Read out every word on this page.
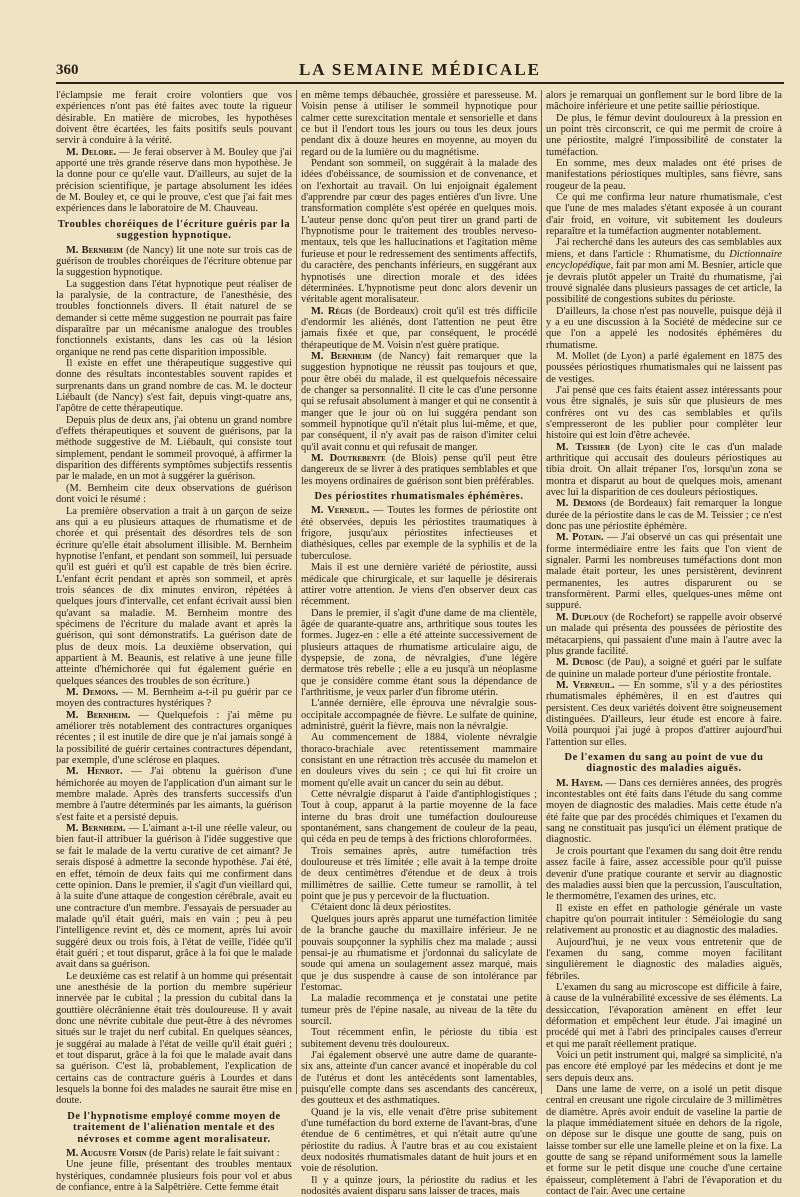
360	LA SEMAINE MÉDICALE

l'éclampsie me ferait croire volontiers que vos expériences n'ont pas été faites avec toute la rigueur désirable. En matière de microbes, les hypothèses doivent être écartées, les faits positifs seuls pouvant servir à conduire à la vérité.

M. Delore. — Je ferai observer à M. Bouley que j'ai apporté une très grande réserve dans mon hypothèse. Je la donne pour ce qu'elle vaut. D'ailleurs, au sujet de la précision scientifique, je partage absolument les idées de M. Bouley et, ce qui le prouve, c'est que j'ai fait mes expériences dans le laboratoire de M. Chauveau.

Troubles choréiques de l'écriture guéris par la suggestion hypnotique.

M. Bernheim (de Nancy) lit une note sur trois cas de guérison de troubles choréiques de l'écriture obtenue par la suggestion hypnotique.

La suggestion dans l'état hypnotique peut réaliser de la paralysie, de la contracture, de l'anesthésie, des troubles fonctionnels divers. Il était naturel de se demander si cette même suggestion ne pourrait pas faire disparaître par un mécanisme analogue des troubles fonctionnels existants, dans les cas où la lésion organique ne rend pas cette disparition impossible.

Il existe en effet une thérapeutique suggestive qui donne des résultats incontestables souvent rapides et surprenants dans un grand nombre de cas. M. le docteur Liébault (de Nancy) s'est fait, depuis vingt-quatre ans, l'apôtre de cette thérapeutique.

Depuis plus de deux ans, j'ai obtenu un grand nombre d'effets thérapeutiques et souvent de guérisons, par la méthode suggestive de M. Liébault, qui consiste tout simplement, pendant le sommeil provoqué, à affirmer la disparition des différents symptômes subjectifs ressentis par le malade, en un mot à suggérer la guérison.

(M. Bernheim cite deux observations de guérison dont voici le résumé :

La première observation a trait à un garçon de seize ans qui a eu plusieurs attaques de rhumatisme et de chorée et qui présentait des désordres tels de son écriture qu'elle était absolument illisible. M. Bernheim hypnotise l'enfant, et pendant son sommeil, lui persuade qu'il est guéri et qu'il est capable de très bien écrire. L'enfant écrit pendant et après son sommeil, et après trois séances de dix minutes environ, répétées à quelques jours d'intervalle, cet enfant écrivait aussi bien qu'avant sa maladie. M. Bernheim montre des spécimens de l'écriture du malade avant et après la guérison, qui sont démonstratifs. La guérison date de plus de deux mois. La deuxième observation, qui appartient à M. Beaunis, est relative à une jeune fille atteinte d'hémichorée qui fut également guérie en quelques séances des troubles de son écriture.)

M. Demons. — M. Bernheim a-t-il pu guérir par ce moyen des contractures hystériques ?

M. Bernheim. — Quelquefois : j'ai même pu améliorer très notablement des contractures organiques récentes ; il est inutile de dire que je n'ai jamais songé à la possibilité de guérir certaines contractures dépendant, par exemple, d'une sclérose en plaques.

M. Henrot. — J'ai obtenu la guérison d'une hémichorée au moyen de l'application d'un aimant sur le membre malade. Après des transferts successifs d'un membre à l'autre déterminés par les aimants, la guérison s'est faite et a persisté depuis.

M. Bernheim. — L'aimant a-t-il une réelle valeur, ou bien faut-il attribuer la guérison à l'idée suggestive que se fait le malade de la vertu curative de cet aimant? Je serais disposé à admettre la seconde hypothèse. J'ai été, en effet, témoin de deux faits qui me confirment dans cette opinion. Dans le premier, il s'agit d'un vieillard qui, à la suite d'une attaque de congestion cérébrale, avait eu une contracture d'un membre. J'essayais de persuader au malade qu'il était guéri, mais en vain ; peu à peu l'intelligence revint et, dès ce moment, après lui avoir suggéré deux ou trois fois, à l'état de veille, l'idée qu'il était guéri ; et tout disparut, grâce à la foi que le malade avait dans sa guérison.

Le deuxième cas est relatif à un homme qui présentait une anesthésie de la portion du membre supérieur innervée par le cubital ; la pression du cubital dans la gouttière olécrânienne était très douloureuse. Il y avait donc une névrite cubitale due peut-être à des névromes situés sur le trajet du nerf cubital. En quelques séances, je suggérai au malade à l'état de veille qu'il était guéri ; et tout disparut, grâce à la foi que le malade avait dans sa guérison. C'est là, probablement, l'explication de certains cas de contracture guéris à Lourdes et dans lesquels la bonne foi des malades ne saurait être mise en doute.

De l'hypnotisme employé comme moyen de traitement de l'aliénation mentale et des névroses et comme agent moralisateur.

M. Auguste Voisin (de Paris) relate le fait suivant :

Une jeune fille, présentant des troubles mentaux hystériques, condamnée plusieurs fois pour vol et abus de confiance, entre à la Salpêtrière. Cette femme était

en même temps débauchée, grossière et paresseuse. M. Voisin pense à utiliser le sommeil hypnotique pour calmer cette surexcitation mentale et sensorielle et dans ce but il l'endort tous les jours ou tous les deux jours pendant dix à douze heures en moyenne, au moyen du regard ou de la lumière ou du magnétisme.

Pendant son sommeil, on suggérait à la malade des idées d'obéissance, de soumission et de convenance, et on l'exhortait au travail. On lui enjoignait également d'apprendre par cœur des pages entières d'un livre. Une transformation complète s'est opérée en quelques mois. L'auteur pense donc qu'on peut tirer un grand parti de l'hypnotisme pour le traitement des troubles nerveso-mentaux, tels que les hallucinations et l'agitation même furieuse et pour le redressement des sentiments affectifs, du caractère, des penchants inférieurs, en suggérant aux hypnotisés une direction morale et des idées déterminées. L'hypnotisme peut donc alors devenir un véritable agent moralisateur.

M. Régis (de Bordeaux) croit qu'il est très difficile d'endormir les aliénés, dont l'attention ne peut être jamais fixée et que, par conséquent, le procédé thérapeutique de M. Voisin n'est guère pratique.

M. Bernheim (de Nancy) fait remarquer que la suggestion hypnotique ne réussit pas toujours et que, pour être obéi du malade, il est quelquefois nécessaire de changer sa personnalité. Il cite le cas d'une personne qui se refusait absolument à manger et qui ne consentit à manger que le jour où on lui suggéra pendant son sommeil hypnotique qu'il n'était plus lui-même, et que, par conséquent, il n'y avait pas de raison d'imiter celui qu'il avait connu et qui refusait de manger.

M. Doutrebente (de Blois) pense qu'il peut être dangereux de se livrer à des pratiques semblables et que les moyens ordinaires de guérison sont bien préférables.

Des périostites rhumatismales éphémères.

M. Verneuil. — Toutes les formes de périostite ont été observées, depuis les périostites traumatiques à frigore, jusqu'aux périostites infectieuses et diathésiques, celles par exemple de la syphilis et de la tuberculose.

Mais il est une dernière variété de périostite, aussi médicale que chirurgicale, et sur laquelle je désirerais attirer votre attention. Je viens d'en observer deux cas récemment.

Dans le premier, il s'agit d'une dame de ma clientèle, âgée de quarante-quatre ans, arthritique sous toutes les formes. Jugez-en : elle a été atteinte successivement de plusieurs attaques de rhumatisme articulaire aigu, de dyspepsie, de zona, de névralgies, d'une légère dermatose très rebelle ; elle a eu jusqu'à un néoplasme que je considère comme étant sous la dépendance de l'arthritisme, je veux parler d'un fibrome utérin.

L'année dernière, elle éprouva une névralgie sous-occipitale accompagnée de fièvre. Le sulfate de quinine, administré, guérit la fièvre, mais non la névralgie.

Au commencement de 1884, violente névralgie thoraco-brachiale avec retentissement mammaire consistant en une rétraction très accusée du mamelon et en douleurs vives du sein ; ce qui lui fit croire un moment qu'elle avait un cancer du sein au début.

Cette névralgie disparut à l'aide d'antiphlogistiques ; Tout à coup, apparut à la partie moyenne de la face interne du bras droit une tuméfaction douloureuse spontanément, sans changement de couleur de la peau, qui céda en peu de temps à des frictions chloroformées.

Trois semaines après, autre tuméfaction très douloureuse et très limitée ; elle avait à la tempe droite de deux centimètres d'étendue et de deux à trois millimètres de saillie. Cette tumeur se ramollit, à tel point que je pus y percevoir de la fluctuation.

C'étaient donc là deux périostites.

Quelques jours après apparut une tuméfaction limitée de la branche gauche du maxillaire inférieur. Je ne pouvais soupçonner la syphilis chez ma malade ; aussi pensai-je au rhumatisme et j'ordonnai du salicylate de soude qui amena un soulagement assez marqué, mais que je dus suspendre à cause de son intolérance par l'estomac.

La maladie recommença et je constatai une petite tumeur près de l'épine nasale, au niveau de la tête du sourcil.

Tout récemment enfin, le périoste du tibia est subitement devenu très douloureux.

J'ai également observé une autre dame de quarante-six ans, atteinte d'un cancer avancé et inopérable du col de l'utérus et dont les antécédents sont lamentables, puisqu'elle compte dans ses ascendants des cancéreux, des goutteux et des asthmatiques.

Quand je la vis, elle venait d'être prise subitement d'une tuméfaction du bord externe de l'avant-bras, d'une étendue de 6 centimètres, et qui n'était autre qu'une périostite du radius. À l'autre bras et au cou existaient deux nodosités rhumatismales datant de huit jours et en voie de résolution.

Il y a quinze jours, la périostite du radius et les nodosités avaient disparu sans laisser de traces, mais

alors je remarquai un gonflement sur le bord libre de la mâchoire inférieure et une petite saillie périostique.

De plus, le fémur devint douloureux à la pression en un point très circonscrit, ce qui me permit de croire à une périostite, malgré l'impossibilité de constater la tuméfaction.

En somme, mes deux malades ont été prises de manifestations périostiques multiples, sans fièvre, sans rougeur de la peau.

Ce qui me confirma leur nature rhumatismale, c'est que l'une de mes malades s'étant exposée à un courant d'air froid, en voiture, vit subitement les douleurs reparaître et la tuméfaction augmenter notablement.

J'ai recherché dans les auteurs des cas semblables aux miens, et dans l'article : Rhumatisme, du Dictionnaire encyclopédique, fait par mon ami M. Besnier, article que je devrais plutôt appeler un Traité du rhumatisme, j'ai trouvé signalée dans plusieurs passages de cet article, la possibilité de congestions subites du périoste.

D'ailleurs, la chose n'est pas nouvelle, puisque déjà il y a eu une discussion à la Société de médecine sur ce que l'on a appelé les nodosités éphémères du rhumatisme.

M. Mollet (de Lyon) a parlé également en 1875 des poussées périostiques rhumatismales qui ne laissent pas de vestiges.

J'ai pensé que ces faits étaient assez intéressants pour vous être signalés, je suis sûr que plusieurs de mes confrères ont vu des cas semblables et qu'ils s'empresseront de les publier pour compléter leur histoire qui est loin d'être achevée.

M. Teissier (de Lyon) cite le cas d'un malade arthritique qui accusait des douleurs périostiques au tibia droit. On allait trépaner l'os, lorsqu'un zona se montra et disparut au bout de quelques mois, amenant avec lui la disparition de ces douleurs périostiques.

M. Demons (de Bordeaux) fait remarquer la longue durée de la périostite dans le cas de M. Teissier ; ce n'est donc pas une périostite éphémère.

M. Potain. — J'ai observé un cas qui présentait une forme intermédiaire entre les faits que l'on vient de signaler. Parmi les nombreuses tuméfactions dont mon malade était porteur, les unes persistèrent, devinrent permanentes, les autres disparurent ou se transformèrent. Parmi elles, quelques-unes même ont suppuré.

M. Duplouy (de Rochefort) se rappelle avoir observé un malade qui présenta des poussées de périostite des métacarpiens, qui passaient d'une main à l'autre avec la plus grande facilité.

M. Dubosc (de Pau), a soigné et guéri par le sulfate de quinine un malade porteur d'une périostite frontale.

M. Verneuil. — En somme, s'il y a des périostites rhumatismales éphémères, il en est d'autres qui persistent. Ces deux variétés doivent être soigneusement distinguées. D'ailleurs, leur étude est encore à faire. Voilà pourquoi j'ai jugé à propos d'attirer aujourd'hui l'attention sur elles.

De l'examen du sang au point de vue du diagnostic des maladies aiguës.

M. Hayem. — Dans ces dernières années, des progrès incontestables ont été faits dans l'étude du sang comme moyen de diagnostic des maladies. Mais cette étude n'a été faite que par des procédés chimiques et l'examen du sang ne constituait pas jusqu'ici un élément pratique de diagnostic.

Je crois pourtant que l'examen du sang doit être rendu assez facile à faire, assez accessible pour qu'il puisse devenir d'une pratique courante et servir au diagnostic des maladies aussi bien que la percussion, l'auscultation, le thermomètre, l'examen des urines, etc.

Il existe en effet en pathologie générale un vaste chapitre qu'on pourrait intituler : Séméiologie du sang relativement au pronostic et au diagnostic des maladies.

Aujourd'hui, je ne veux vous entretenir que de l'examen du sang, comme moyen facilitant singulièrement le diagnostic des maladies aiguës, fébriles.

L'examen du sang au microscope est difficile à faire, à cause de la vulnérabilité excessive de ses éléments. La dessiccation, l'évaporation amènent en effet leur déformation et empêchent leur étude. J'ai imaginé un procédé qui met à l'abri des principales causes d'erreur et qui me paraît réellement pratique.

Voici un petit instrument qui, malgré sa simplicité, n'a pas encore été employé par les médecins et dont je me sers depuis deux ans.

Dans une lame de verre, on a isolé un petit disque central en creusant une rigole circulaire de 3 millimètres de diamètre. Après avoir enduit de vaseline la partie de la plaque immédiatement située en dehors de la rigole, on dépose sur le disque une goutte de sang, puis on laisse tomber sur elle une lamelle pleine et on la fixe. La goutte de sang se répand uniformément sous la lamelle et forme sur le petit disque une couche d'une certaine épaisseur, complètement à l'abri de l'évaporation et du contact de l'air. Avec une certaine
